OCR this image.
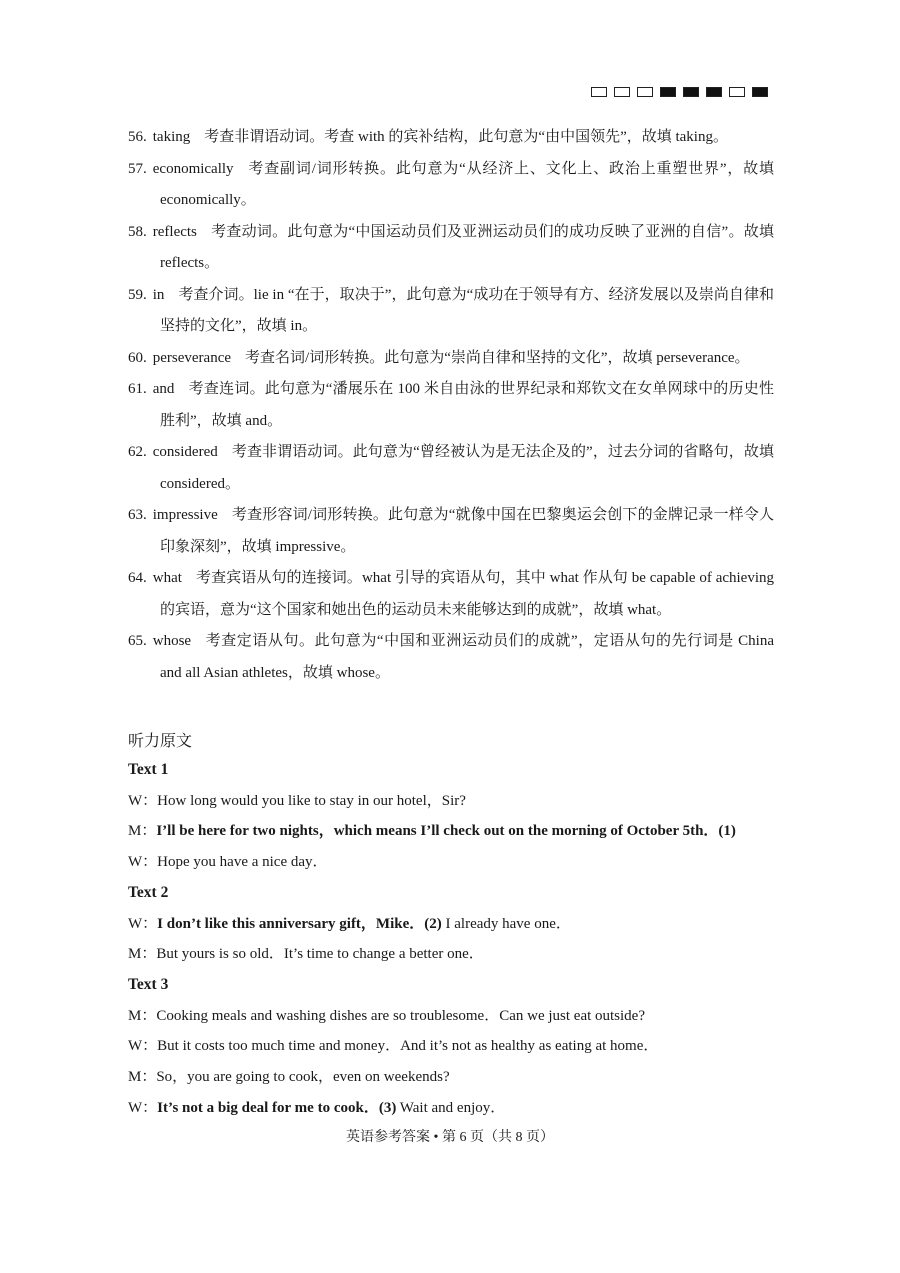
56. taking 考查非谓语动词。考查 with 的宾补结构，此句意为“由中国领先”，故填 taking。
57. economically 考查副词/词形转换。此句意为“从经济上、文化上、政治上重塑世界”，故填 economically。
58. reflects 考查动词。此句意为“中国运动员们及亚洲运动员们的成功反映了亚洲的自信”。故填 reflects。
59. in 考查介词。lie in “在于，取决于”，此句意为“成功在于领导有方、经济发展以及崇尚自律和坚持的文化”，故填 in。
60. perseverance 考查名词/词形转换。此句意为“崇尚自律和坚持的文化”，故填 perseverance。
61. and 考查连词。此句意为“潘展乐在 100 米自由泳的世界纪录和郑钦文在女单网球中的历史性胜利”，故填 and。
62. considered 考查非谓语动词。此句意为“曾经被认为是无法企及的”，过去分词的省略句，故填 considered。
63. impressive 考查形容词/词形转换。此句意为“就像中国在巴黎奥运会创下的金牌记录一样令人印象深刻”，故填 impressive。
64. what 考查宾语从句的连接词。what 引导的宾语从句，其中 what 作从句 be capable of achieving 的宾语，意为“这个国家和她出色的运动员未来能够达到的成就”，故填 what。
65. whose 考查定语从句。此句意为“中国和亚洲运动员们的成就”，定语从句的先行词是 China and all Asian athletes，故填 whose。
听力原文
Text 1
W：How long would you like to stay in our hotel，Sir?
M：I’ll be here for two nights，which means I’ll check out on the morning of October 5th．(1)
W：Hope you have a nice day．
Text 2
W：I don’t like this anniversary gift，Mike．(2) I already have one．
M：But yours is so old．It’s time to change a better one．
Text 3
M：Cooking meals and washing dishes are so troublesome．Can we just eat outside?
W：But it costs too much time and money．And it’s not as healthy as eating at home．
M：So，you are going to cook，even on weekends?
W：It’s not a big deal for me to cook．(3) Wait and enjoy．
英语参考答案 • 第 6 页（共 8 页）
